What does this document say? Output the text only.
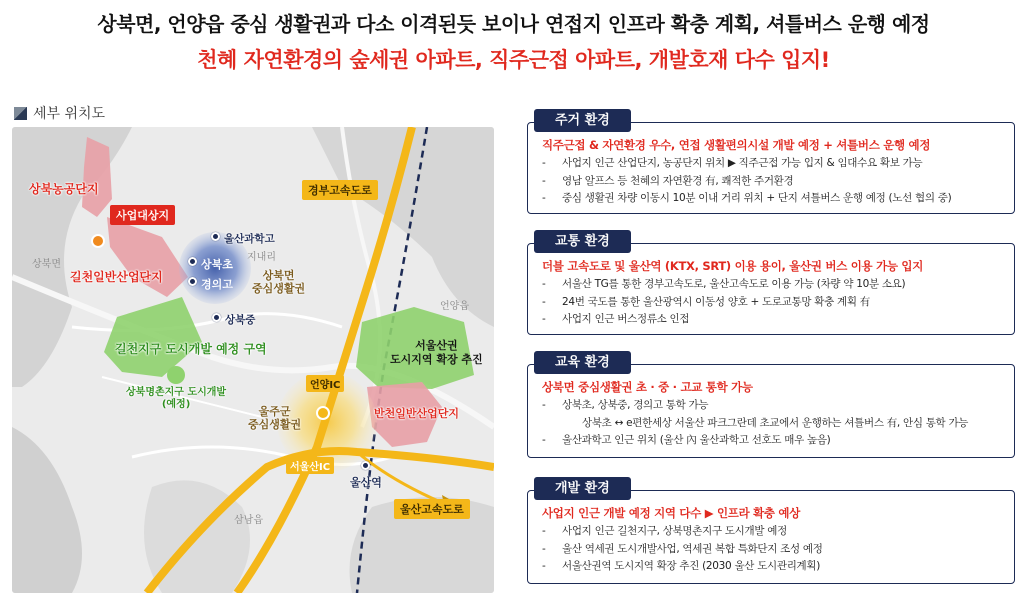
상북면, 언양읍 중심 생활권과 다소 이격된듯 보이나 연접지 인프라 확충 계획, 셔틀버스 운행 예정
천혜 자연환경의 숲세권 아파트, 직주근접 아파트, 개발호재 다수 입지!
세부 위치도
상북농공단지
사업대상지
길천일반산업단지
길천지구 도시개발 예정 구역
상북명촌지구 도시개발
(예정)
울산과학고
상북초
경의고
상북중
상북면
중심생활권
경부고속도로
서울산권
도시지역 확장 추진
반천일반산업단지
언양IC
울주군
중심생활권
서울산IC
울산역
울산고속도로
상북면
언양읍
삼남읍
지내리
주거 환경
직주근접 & 자연환경 우수, 연접 생활편의시설 개발 예정 + 셔틀버스 운행 예정
- 사업지 인근 산업단지, 농공단지 위치 ▶ 직주근접 가능 입지 & 임대수요 확보 가능
- 영남 알프스 등 천혜의 자연환경 有, 쾌적한 주거환경
- 중심 생활권 차량 이동시 10분 이내 거리 위치 + 단지 셔틀버스 운행 예정 (노선 협의 중)
교통 환경
더블 고속도로 및 울산역 (KTX, SRT) 이용 용이, 울산권 버스 이용 가능 입지
- 서울산 TG를 통한 경부고속도로, 울산고속도로 이용 가능 (차량 약 10분 소요)
- 24번 국도를 통한 울산광역시 이동성 양호 + 도로교통망 확충 계획 有
- 사업지 인근 버스정류소 인접
교육 환경
상북면 중심생활권 초 · 중 · 고교 통학 가능
- 상북초, 상북중, 경의고 통학 가능
상북초 ↔ e편한세상 서울산 파크그란데 초교에서 운행하는 셔틀버스 有, 안심 통학 가능
- 울산과학고 인근 위치 (울산 內 울산과학고 선호도 매우 높음)
개발 환경
사업지 인근 개발 예정 지역 다수 ▶ 인프라 확충 예상
- 사업지 인근 길천지구, 상북명촌지구 도시개발 예정
- 울산 역세권 도시개발사업, 역세권 복합 특화단지 조성 예정
- 서울산권역 도시지역 확장 추진 (2030 울산 도시관리계획)
